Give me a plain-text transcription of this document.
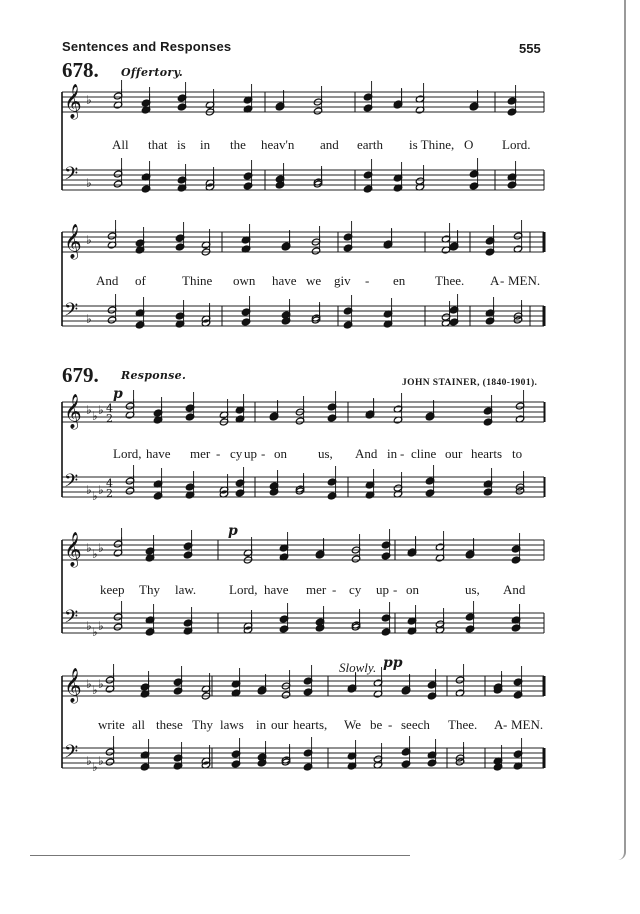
Sentences and Responses	555
678. Offertory.
679. Response.
JOHN STAINER, (1840-1901).
p
p
Slowly. pp
All that is in the heav'n and earth is Thine, O Lord.
And of	Thine own have we giv - en Thee. A - MEN.
Lord, have mer - cy up - on us, And in - cline our hearts to
keep Thy law.	Lord, have mer - cy up - on	us, And
write all these Thy laws in our hearts, We be - seech Thee. A - MEN.
𝄞
𝄢
♭
♭
𝄞
𝄢
♭
♭
𝄞
𝄢
♭
♭
♭
♭
♭
♭
4
2
4
2
𝄞
𝄢
♭
♭
♭
♭
♭
♭
𝄞
𝄢
♭
♭
♭
♭
♭
♭
